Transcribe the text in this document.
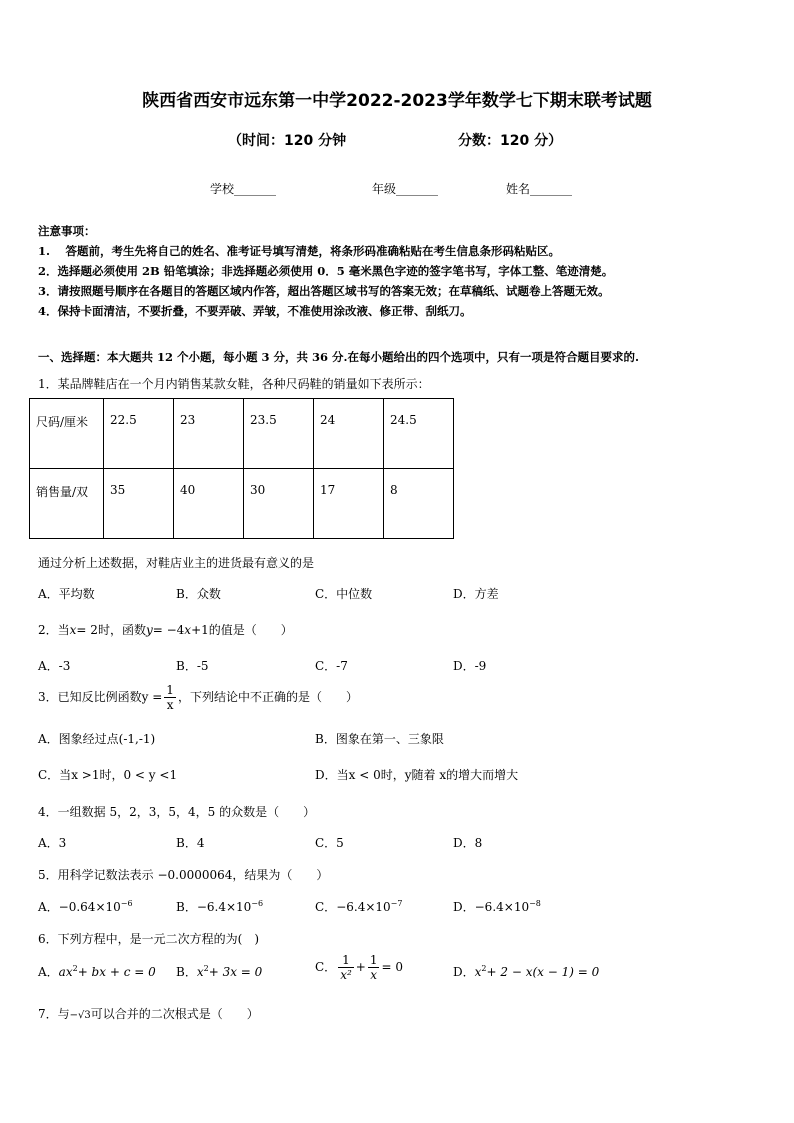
陕西省西安市远东第一中学2022-2023学年数学七下期末联考试题
（时间：120 分钟	分数：120 分）
学校_______	年级_______	姓名_______
注意事项：
1.　 答题前，考生先将自己的姓名、准考证号填写清楚，将条形码准确粘贴在考生信息条形码粘贴区。
2．选择题必须使用 2B 铅笔填涂；非选择题必须使用 0．5 毫米黑色字迹的签字笔书写，字体工整、笔迹清楚。
3．请按照题号顺序在各题目的答题区域内作答，超出答题区域书写的答案无效；在草稿纸、试题卷上答题无效。
4．保持卡面清洁，不要折叠，不要弄破、弄皱，不准使用涂改液、修正带、刮纸刀。
一、选择题：本大题共 12 个小题，每小题 3 分，共 36 分.在每小题给出的四个选项中，只有一项是符合题目要求的.
1．某品牌鞋店在一个月内销售某款女鞋，各种尺码鞋的销量如下表所示：
尺码/厘米	22.5	23	23.5	24	24.5
销售量/双	35	40	30	17	8
通过分析上述数据，对鞋店业主的进货最有意义的是
A．平均数	B．众数	C．中位数	D．方差
2．当x= 2时，函数y= −4x+1的值是（　　）
A．-3	B．-5	C．-7	D．-9
3．已知反比例函数$y = \frac{1}{x}$ ，下列结论中不正确的是（　　）
A．图象经过点(-1,-1)	B．图象在第一、三象限
C．当x >1时，0 < y <1	D．当x < 0时，y随着 x的增大而增大
4．一组数据 5，2，3，5，4，5 的众数是（　　）
A．3	B．4	C．5	D．8
5．用科学记数法表示 −0.0000064，结果为（　　）
A．$-0.64\times 10^{-6}$	B．$-6.4\times 10^{-6}$	C．$-6.4\times 10^{-7}$	D．$-6.4\times 10^{-8}$
6．下列方程中，是一元二次方程的为(　)
A．$ax^2+$ bx + c = 0 B．$x^2+ 3x = 0$	C． $\frac{1}{\text{x²}} + \frac{1}{x} = 0$	D．$x^2+ 2 - x(x - 1) = 0$
7．与−√3可以合并的二次根式是（　　）
